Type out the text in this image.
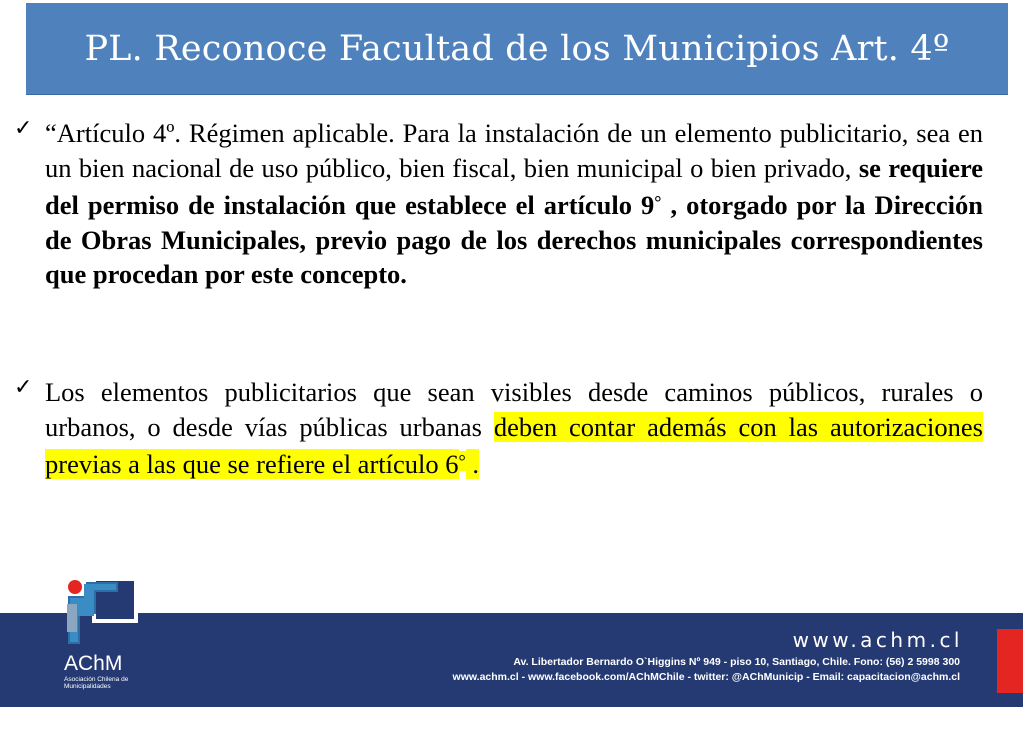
PL. Reconoce Facultad de los Municipios Art. 4º
✓ “Artículo 4º. Régimen aplicable. Para la instalación de un elemento publicitario, sea en un bien nacional de uso público, bien fiscal, bien municipal o bien privado, se requiere del permiso de instalación que establece el artículo 9° , otorgado por la Dirección de Obras Municipales, previo pago de los derechos municipales correspondientes que procedan por este concepto.

✓ Los elementos publicitarios que sean visibles desde caminos públicos, rurales o urbanos, o desde vías públicas urbanas deben contar además con las autorizaciones previas a las que se refiere el artículo 6° .

AChM
Asociación Chilena de Municipalidades
www.achm.cl
Av. Libertador Bernardo O`Higgins Nº 949 - piso 10, Santiago, Chile. Fono: (56) 2 5998 300
www.achm.cl - www.facebook.com/AChMChile - twitter: @AChMunicip - Email: capacitacion@achm.cl
